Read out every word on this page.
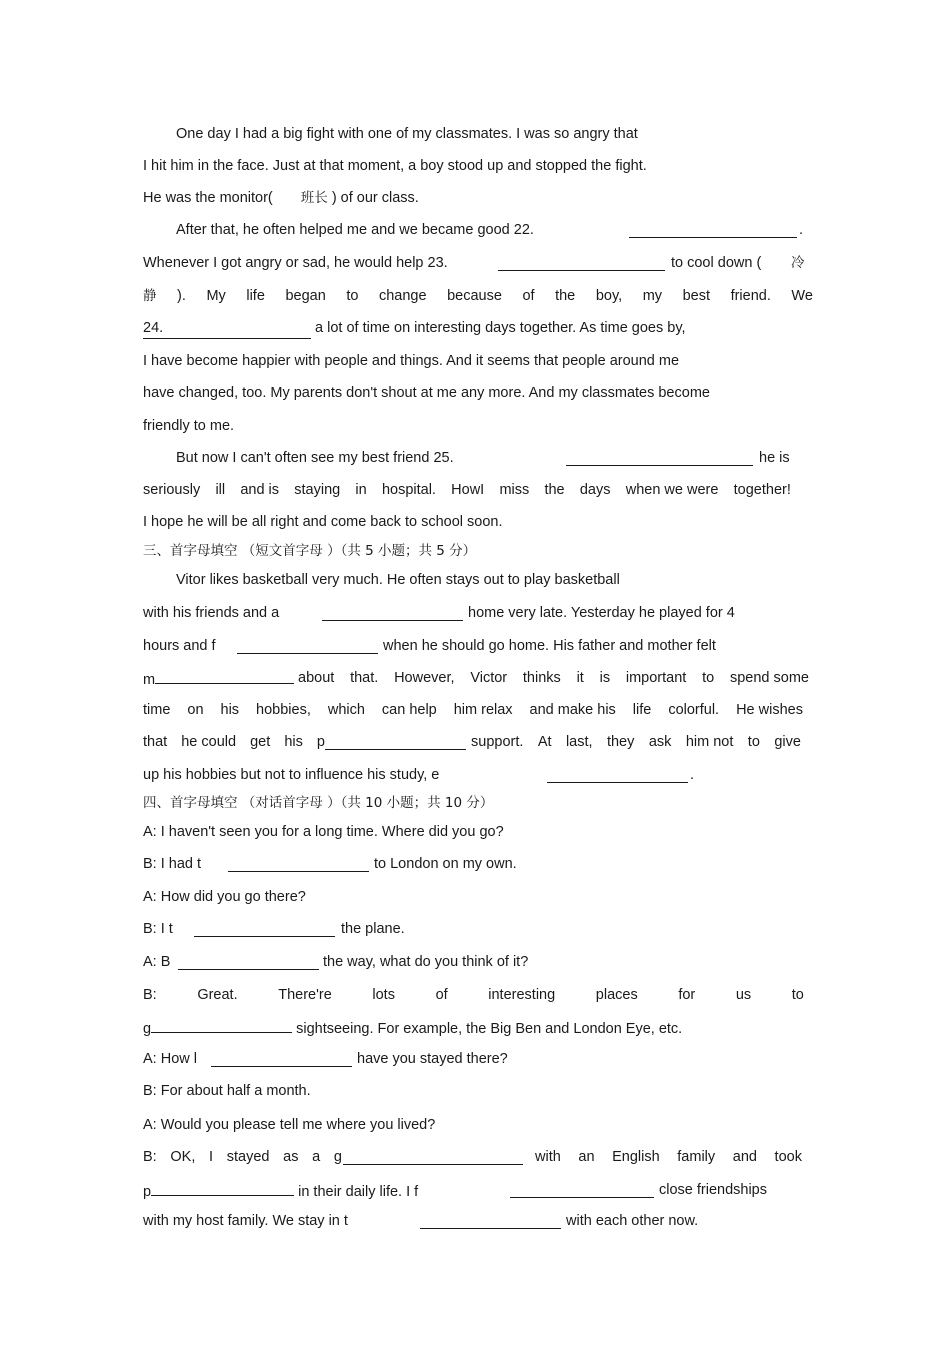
One day I had a big fight with one of my classmates. I was so angry that
I hit him in the face. Just at that moment, a boy stood up and stopped the fight.
He was the monitor( 班长 ) of our class.
After that, he often helped me and we became good 22.	.
Whenever I got angry or sad, he would help 23.	to cool down ( 冷
静 ). My life began to change because of the boy, my best friend. We
24.	a lot of time on interesting days together. As time goes by,
I have become happier with people and things. And it seems that people around me
have changed, too. My parents don't shout at me any more. And my classmates become
friendly to me.
But now I can't often see my best friend 25.	he is
seriously ill and is staying in hospital. HowI miss the days when we were together!
I hope he will be all right and come back to school soon.
三、首字母填空 （短文首字母 ）（共 5 小题；共 5 分）
Vitor likes basketball very much. He often stays out to play basketball
with his friends and a	home very late. Yesterday he played for 4
hours and f	when he should go home. His father and mother felt
m	about that. However, Victor thinks it is important to spend some
time on his hobbies, which can help him relax and make his life colorful. He wishes
that he could get his p	support. At last, they ask him not to give
up his hobbies but not to influence his study, e	.
四、首字母填空 （对话首字母 ）（共 10 小题；共 10 分）
A: I haven't seen you for a long time. Where did you go?
B: I had t	to London on my own.
A: How did you go there?
B: I t	the plane.
A: B	the way, what do you think of it?
B:	Great.	There're	lots	of	interesting	places	for	us	to
g	sightseeing. For example, the Big Ben and London Eye, etc.
A: How l	have you stayed there?
B: For about half a month.
A: Would you please tell me where you lived?
B: OK, I stayed as a g	with an English family and took
p	in their daily life. I f	close friendships
with my host family. We stay in t	with each other now.
